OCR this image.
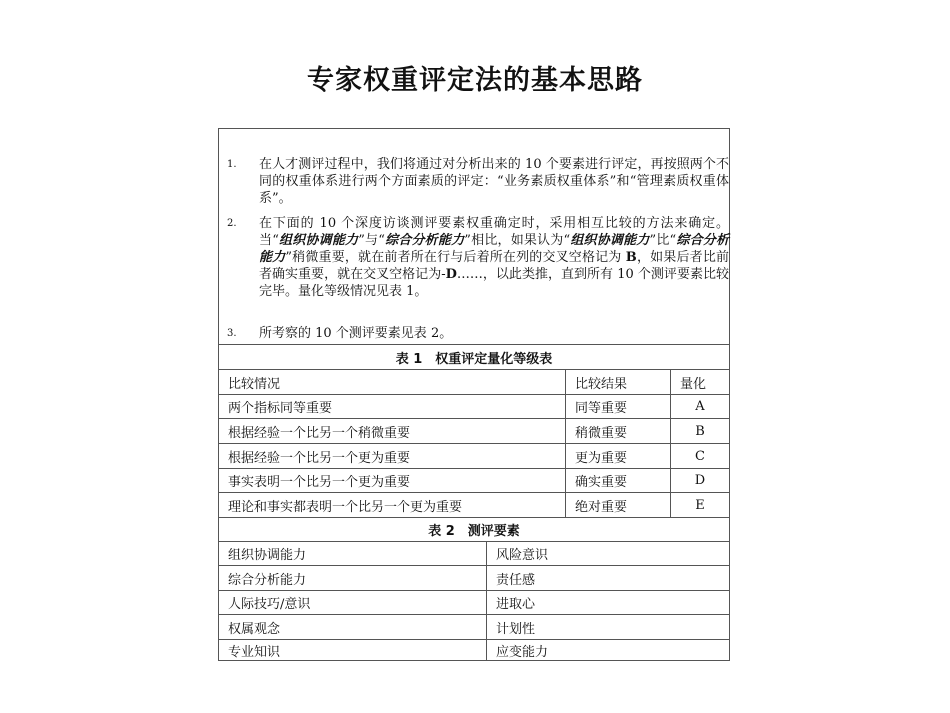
专家权重评定法的基本思路
1. 在人才测评过程中，我们将通过对分析出来的 10 个要素进行评定，再按照两个不同的权重体系进行两个方面素质的评定：“业务素质权重体系”和“管理素质权重体系”。
2. 在下面的 10 个深度访谈测评要素权重确定时，采用相互比较的方法来确定。当“组织协调能力”与“综合分析能力”相比，如果认为“组织协调能力”比“综合分析能力”稍微重要，就在前者所在行与后着所在列的交叉空格记为 B，如果后者比前者确实重要，就在交叉空格记为-D……，以此类推，直到所有 10 个测评要素比较完毕。量化等级情况见表 1。
3. 所考察的 10 个测评要素见表 2。
表 1　权重评定量化等级表
比较情况	比较结果	量化
两个指标同等重要	同等重要	A
根据经验一个比另一个稍微重要	稍微重要	B
根据经验一个比另一个更为重要	更为重要	C
事实表明一个比另一个更为重要	确实重要	D
理论和事实都表明一个比另一个更为重要	绝对重要	E
表 2　测评要素
组织协调能力	风险意识
综合分析能力	责任感
人际技巧/意识	进取心
权属观念	计划性
专业知识	应变能力
